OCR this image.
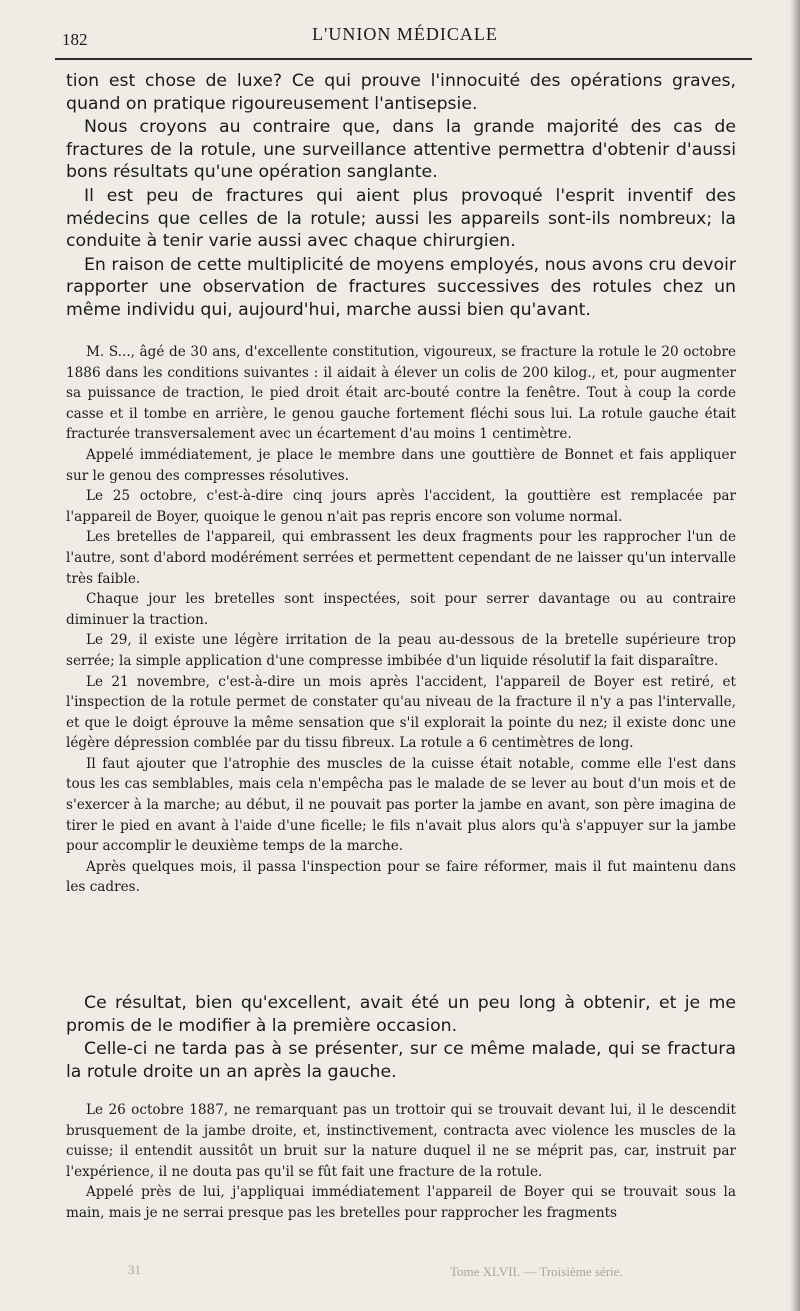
182	L'UNION MÉDICALE

tion est chose de luxe? Ce qui prouve l'innocuité des opérations graves, quand on pratique rigoureusement l'antisepsie.

Nous croyons au contraire que, dans la grande majorité des cas de fractures de la rotule, une surveillance attentive permettra d'obtenir d'aussi bons résultats qu'une opération sanglante.

Il est peu de fractures qui aient plus provoqué l'esprit inventif des médecins que celles de la rotule; aussi les appareils sont-ils nombreux; la conduite à tenir varie aussi avec chaque chirurgien.

En raison de cette multiplicité de moyens employés, nous avons cru devoir rapporter une observation de fractures successives des rotules chez un même individu qui, aujourd'hui, marche aussi bien qu'avant.

M. S..., âgé de 30 ans, d'excellente constitution, vigoureux, se fracture la rotule le 20 octobre 1886 dans les conditions suivantes : il aidait à élever un colis de 200 kilog., et, pour augmenter sa puissance de traction, le pied droit était arc-bouté contre la fenêtre. Tout à coup la corde casse et il tombe en arrière, le genou gauche fortement fléchi sous lui. La rotule gauche était fracturée transversalement avec un écartement d'au moins 1 centimètre.

Appelé immédiatement, je place le membre dans une gouttière de Bonnet et fais appliquer sur le genou des compresses résolutives.

Le 25 octobre, c'est-à-dire cinq jours après l'accident, la gouttière est remplacée par l'appareil de Boyer, quoique le genou n'ait pas repris encore son volume normal.

Les bretelles de l'appareil, qui embrassent les deux fragments pour les rapprocher l'un de l'autre, sont d'abord modérément serrées et permettent cependant de ne laisser qu'un intervalle très faible.

Chaque jour les bretelles sont inspectées, soit pour serrer davantage ou au contraire diminuer la traction.

Le 29, il existe une légère irritation de la peau au-dessous de la bretelle supérieure trop serrée; la simple application d'une compresse imbibée d'un liquide résolutif la fait disparaître.

Le 21 novembre, c'est-à-dire un mois après l'accident, l'appareil de Boyer est retiré, et l'inspection de la rotule permet de constater qu'au niveau de la fracture il n'y a pas l'intervalle, et que le doigt éprouve la même sensation que s'il explorait la pointe du nez; il existe donc une légère dépression comblée par du tissu fibreux. La rotule a 6 centimètres de long.

Il faut ajouter que l'atrophie des muscles de la cuisse était notable, comme elle l'est dans tous les cas semblables, mais cela n'empêcha pas le malade de se lever au bout d'un mois et de s'exercer à la marche; au début, il ne pouvait pas porter la jambe en avant, son père imagina de tirer le pied en avant à l'aide d'une ficelle; le fils n'avait plus alors qu'à s'appuyer sur la jambe pour accomplir le deuxième temps de la marche.

Après quelques mois, il passa l'inspection pour se faire réformer, mais il fut maintenu dans les cadres.

Ce résultat, bien qu'excellent, avait été un peu long à obtenir, et je me promis de le modifier à la première occasion.

Celle-ci ne tarda pas à se présenter, sur ce même malade, qui se fractura la rotule droite un an après la gauche.

Le 26 octobre 1887, ne remarquant pas un trottoir qui se trouvait devant lui, il le descendit brusquement de la jambe droite, et, instinctivement, contracta avec violence les muscles de la cuisse; il entendit aussitôt un bruit sur la nature duquel il ne se méprit pas, car, instruit par l'expérience, il ne douta pas qu'il se fût fait une fracture de la rotule.

Appelé près de lui, j'appliquai immédiatement l'appareil de Boyer qui se trouvait sous la main, mais je ne serrai presque pas les bretelles pour rapprocher les fragments

31	Tome XLVII. — Troisième série.
